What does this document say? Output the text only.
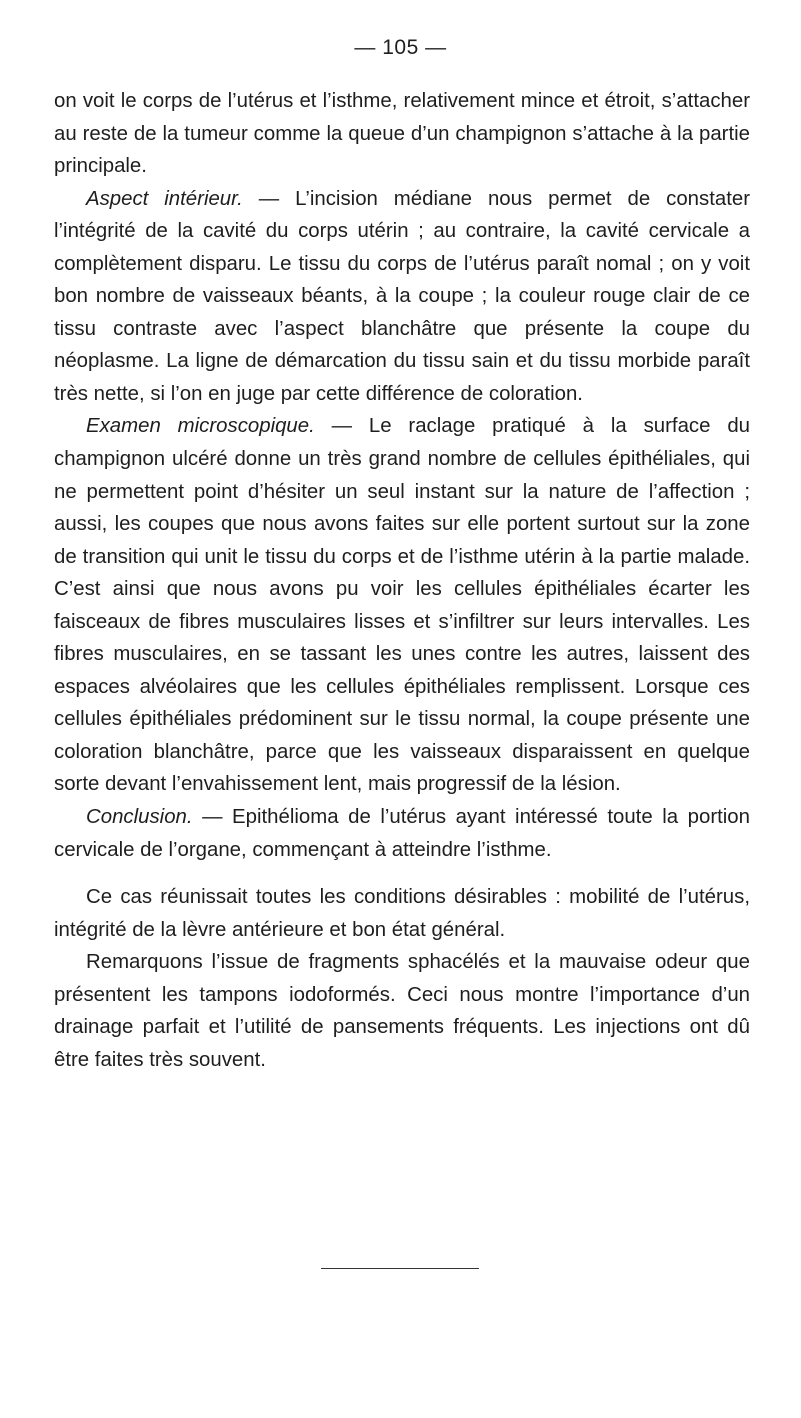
— 105 —

on voit le corps de l’utérus et l’isthme, relativement mince et étroit, s’attacher au reste de la tumeur comme la queue d’un champignon s’attache à la partie principale.

Aspect intérieur. — L’incision médiane nous permet de constater l’intégrité de la cavité du corps utérin ; au contraire, la cavité cervicale a complètement disparu. Le tissu du corps de l’utérus paraît nomal ; on y voit bon nombre de vaisseaux béants, à la coupe ; la couleur rouge clair de ce tissu contraste avec l’aspect blanchâtre que présente la coupe du néoplasme. La ligne de démarcation du tissu sain et du tissu morbide paraît très nette, si l’on en juge par cette différence de coloration.

Examen microscopique. — Le raclage pratiqué à la surface du champignon ulcéré donne un très grand nombre de cellules épithéliales, qui ne permettent point d’hésiter un seul instant sur la nature de l’affection ; aussi, les coupes que nous avons faites sur elle portent surtout sur la zone de transition qui unit le tissu du corps et de l’isthme utérin à la partie malade. C’est ainsi que nous avons pu voir les cellules épithéliales écarter les faisceaux de fibres musculaires lisses et s’infiltrer sur leurs intervalles. Les fibres musculaires, en se tassant les unes contre les autres, laissent des espaces alvéolaires que les cellules épithéliales remplissent. Lorsque ces cellules épithéliales prédominent sur le tissu normal, la coupe présente une coloration blanchâtre, parce que les vaisseaux disparaissent en quelque sorte devant l’envahissement lent, mais progressif de la lésion.

Conclusion. — Epithélioma de l’utérus ayant intéressé toute la portion cervicale de l’organe, commençant à atteindre l’isthme.

Ce cas réunissait toutes les conditions désirables : mobilité de l’utérus, intégrité de la lèvre antérieure et bon état général.

Remarquons l’issue de fragments sphacélés et la mauvaise odeur que présentent les tampons iodoformés. Ceci nous montre l’importance d’un drainage parfait et l’utilité de pansements fréquents. Les injections ont dû être faites très souvent.
